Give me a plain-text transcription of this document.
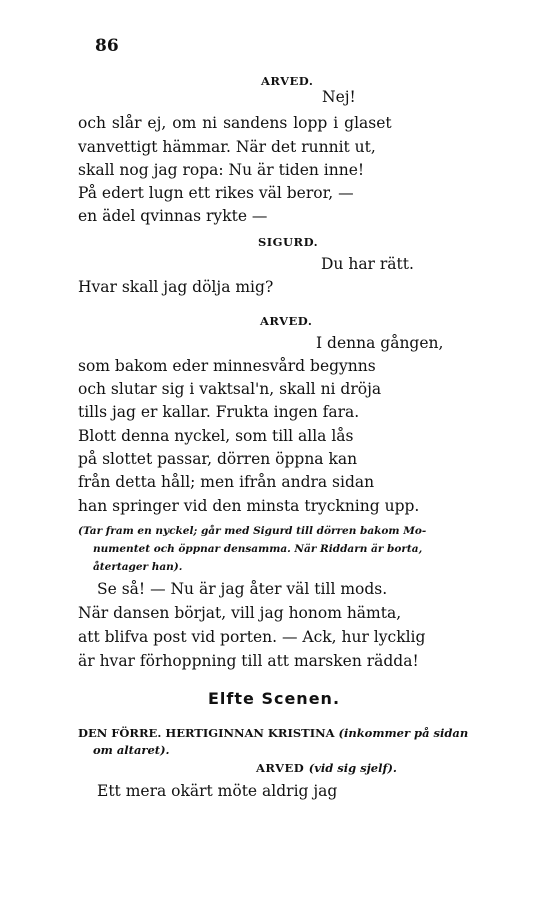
86
ARVED.
Nej!
och slår ej, om ni sandens lopp i glaset
vanvettigt hämmar. När det runnit ut,
skall nog jag ropa: Nu är tiden inne!
På edert lugn ett rikes väl beror, —
en ädel qvinnas rykte —
SIGURD.
Du har rätt.
Hvar skall jag dölja mig?
ARVED.
I denna gången,
som bakom eder minnesvård begynns
och slutar sig i vaktsal'n, skall ni dröja
tills jag er kallar. Frukta ingen fara.
Blott denna nyckel, som till alla lås
på slottet passar, dörren öppna kan
från detta håll; men ifrån andra sidan
han springer vid den minsta tryckning upp.
(Tar fram en nyckel; går med Sigurd till dörren bakom Mo-
numentet och öppnar densamma. När Riddarn är borta,
återtager han).
Se så! — Nu är jag åter väl till mods.
När dansen börjat, vill jag honom hämta,
att blifva post vid porten. — Ack, hur lycklig
är hvar förhoppning till att marsken rädda!
Elfte Scenen.
DEN FÖRRE. HERTIGINNAN KRISTINA (inkommer på sidan
om altaret).
ARVED (vid sig sjelf).
Ett mera okärt möte aldrig jag
